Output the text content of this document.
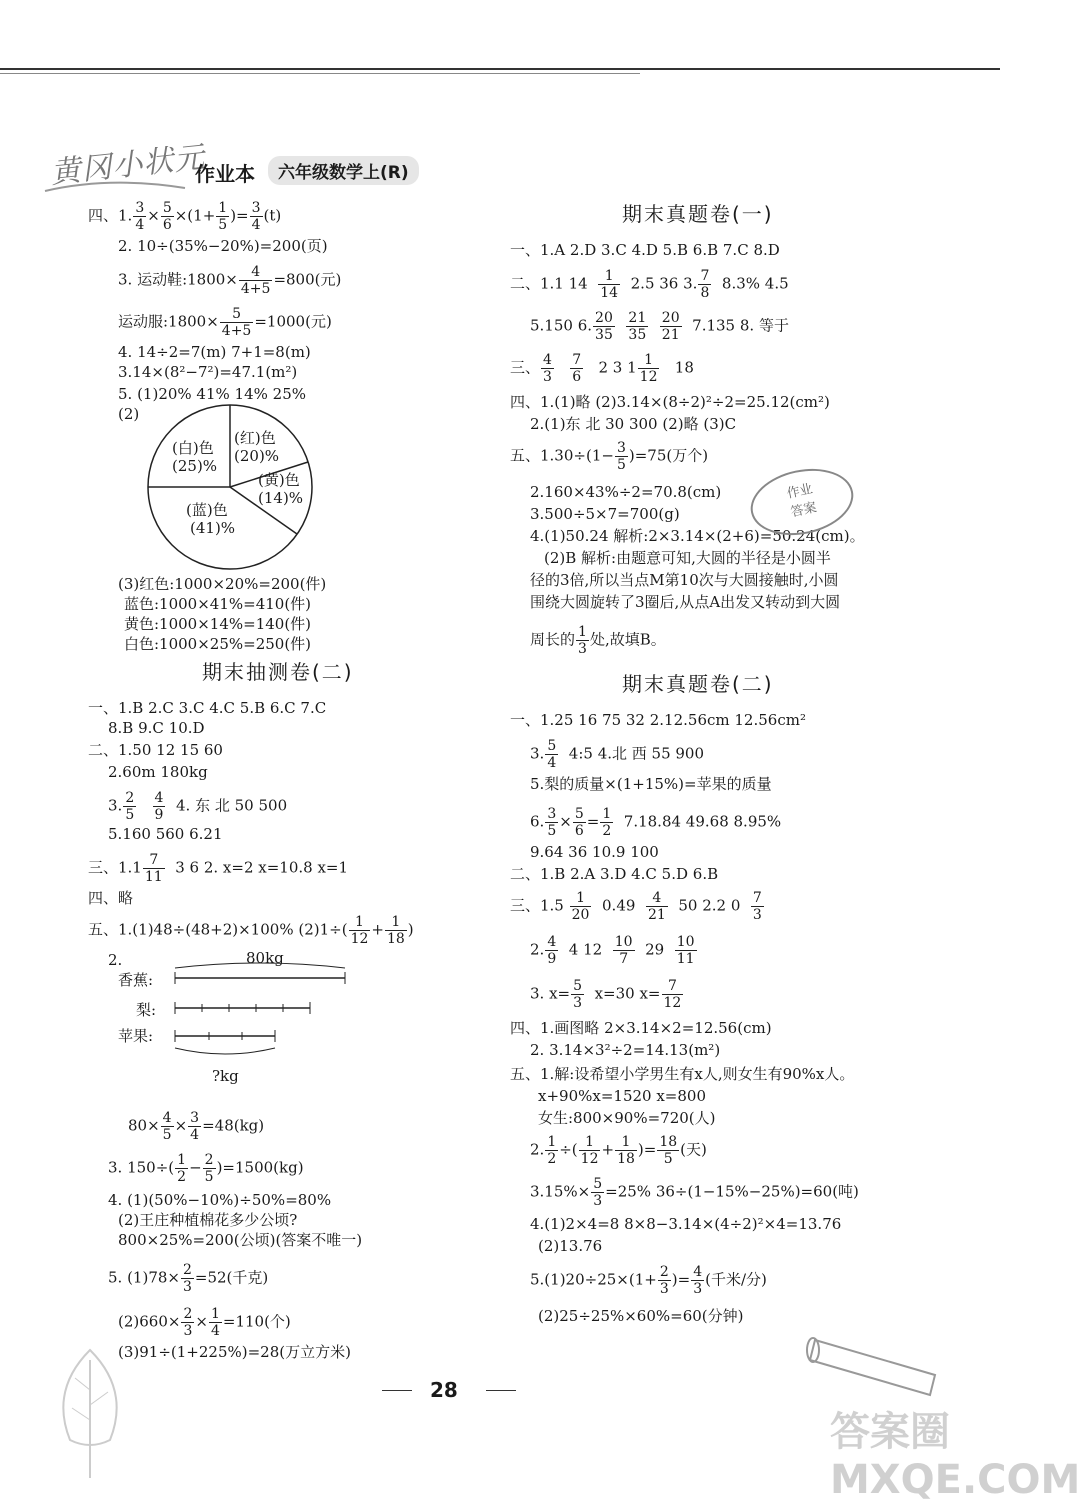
黄冈小状元
作业本	六年级数学上(R)
四、1. $\frac{3}{4} \times \frac{5}{6} \times(1+ \frac{1}{5}$ )= $\frac{3}{4} (t)$
2. 10÷(35%−20%)=200(页)
3. 运动鞋:1800× $\frac{4}{4+5} =800$(元)
运动服:1800× $\frac{5}{4+5} =1000$(元)
4. 14÷2=7(m) 7+1=8(m)
3.14×(8²−7²)=47.1(m²)
5. (1)20% 41% 14% 25%
(2)
(白)色
(25)%
(红)色
(20)%
(黄)色
(14)%
(蓝)色
(41)%
(3)红色:1000×20%=200(件)
蓝色:1000×41%=410(件)
黄色:1000×14%=140(件)
白色:1000×25%=250(件)
期末抽测卷(二)
一、1.B 2.C 3.C 4.C 5.B 6.C 7.C
8.B 9.C 10.D
二、1.50 12 15 60
2.60m 180kg
3. $\frac{2}{5}$
$\frac{4}{9} 4$. 东 北 50 500
5.160 560 6.21
三、$1.1 \frac{7}{11} 3$ 6 2. x=2 x=10.8 x=1
四、略
五、1.(1)48÷(48+2)×100% $(2)1\div( \frac{1}{12} + \frac{1}{18}$ )
2.	80kg
香蕉:
梨:
苹果:
?kg
$80\times \frac{4}{5} \times \frac{3}{4} =48(kg)$
3. $150\div( \frac{1}{2} - \frac{2}{5} )=1500(kg)$
4. (1)(50%−10%)÷50%=80%
(2)王庄种植棉花多少公顷?
800×25%=200(公顷)(答案不唯一)
5. $(1)78\times \frac{2}{3} =52$(千克)
$(2)660\times \frac{2}{3} \times \frac{1}{4} =110$(个)
(3)91÷(1+225%)=28(万立方米)
期末真题卷(一)
一、1.A 2.D 3.C 4.D 5.B 6.B 7.C 8.D
二、1.1 $14 \frac{1}{14} 2.5$ 36 3. $\frac{7}{8} 8.3\%$ 4.5
5.150 6. $\frac{20}{35}$
$\frac{21}{35}$
$\frac{20}{21} 7.135$ 8. 等于
三、 $\frac{4}{3}$
$\frac{7}{6} 2$ 3 $1 \frac{1}{12} 18$
四、1.(1)略 (2)3.14×(8÷2)²÷2=25.12(cm²)
2.(1)东 北 30 300 (2)略 (3)C
五、$1.30\div(1- \frac{3}{5} )=75$(万个)
2.160×43%÷2=70.8(cm)
3.500÷5×7=700(g)
4.(1)50.24 解析:2×3.14×(2+6)=50.24(cm)。
(2)B 解析:由题意可知,大圆的半径是小圆半
径的3倍,所以当点M第10次与大圆接触时,小圆
围绕大圆旋转了3圈后,从点A出发又转动到大圆
周长的 $\frac{1}{3}$ 处,故填B。
期末真题卷(二)
一、1.25 16 75 32 2.12.56cm 12.56cm²
3. $\frac{5}{4}$ 4:5 4.北 西 55 900
5.梨的质量×(1+15%)=苹果的质量
6. $\frac{3}{5} \times \frac{5}{6} = \frac{1}{2} 7.18.84$ 49.68 8.95%
9.64 36 10.9 100
二、1.B 2.A 3.D 4.C 5.D 6.B
三、$1.5 \frac{1}{20} 0.49 \frac{4}{21} 50$ 2.2 $0 \frac{7}{3}$
2. $\frac{4}{9} 4$ $12 \frac{10}{7} 29 \frac{10}{11}$
3. $x= \frac{5}{3} x=30$ $x= \frac{7}{12}$
四、1.画图略 2×3.14×2=12.56(cm)
2. 3.14×3²÷2=14.13(m²)
五、1.解:设希望小学男生有x人,则女生有90%x人。
x+90%x=1520 x=800
女生:800×90%=720(人)
2. $\frac{1}{2}$ ÷( $\frac{1}{12} + \frac{1}{18}$ )= $\frac{18}{5}$ (天)
$3.15\%\times \frac{5}{3} =25\%$ 36÷(1−15%−25%)=60(吨)
4.(1)2×4=8 8×8−3.14×(4÷2)²×4=13.76
(2)13.76
$5.(1)20\div 25\times(1+ \frac{2}{3}$ )= $\frac{4}{3}$ (千米/分)
(2)25÷25%×60%=60(分钟)
作业
答案
28
答案圈 MXQE.COM
